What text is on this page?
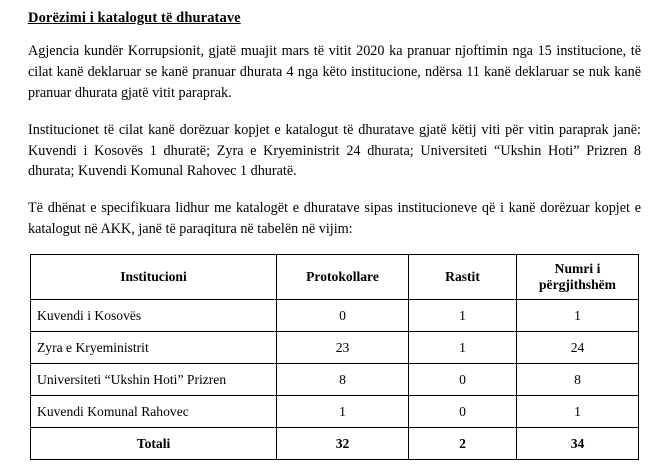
Dorëzimi i katalogut të dhuratave

Agjencia kundër Korrupsionit, gjatë muajit mars të vitit 2020 ka pranuar njoftimin nga 15 institucione, të cilat kanë deklaruar se kanë pranuar dhurata 4 nga këto institucione, ndërsa 11 kanë deklaruar se nuk kanë pranuar dhurata gjatë vitit paraprak.

Institucionet të cilat kanë dorëzuar kopjet e katalogut të dhuratave gjatë këtij viti për vitin paraprak janë: Kuvendi i Kosovës 1 dhuratë; Zyra e Kryeministrit 24 dhurata; Universiteti “Ukshin Hoti” Prizren 8 dhurata; Kuvendi Komunal Rahovec 1 dhuratë.

Të dhënat e specifikuara lidhur me katalogët e dhuratave sipas institucioneve që i kanë dorëzuar kopjet e katalogut në AKK, janë të paraqitura në tabelën në vijim:

Institucioni	Protokollare	Rastit	Numri i përgjithshëm
Kuvendi i Kosovës	0	1	1
Zyra e Kryeministrit	23	1	24
Universiteti “Ukshin Hoti” Prizren	8	0	8
Kuvendi Komunal Rahovec	1	0	1
Totali	32	2	34
